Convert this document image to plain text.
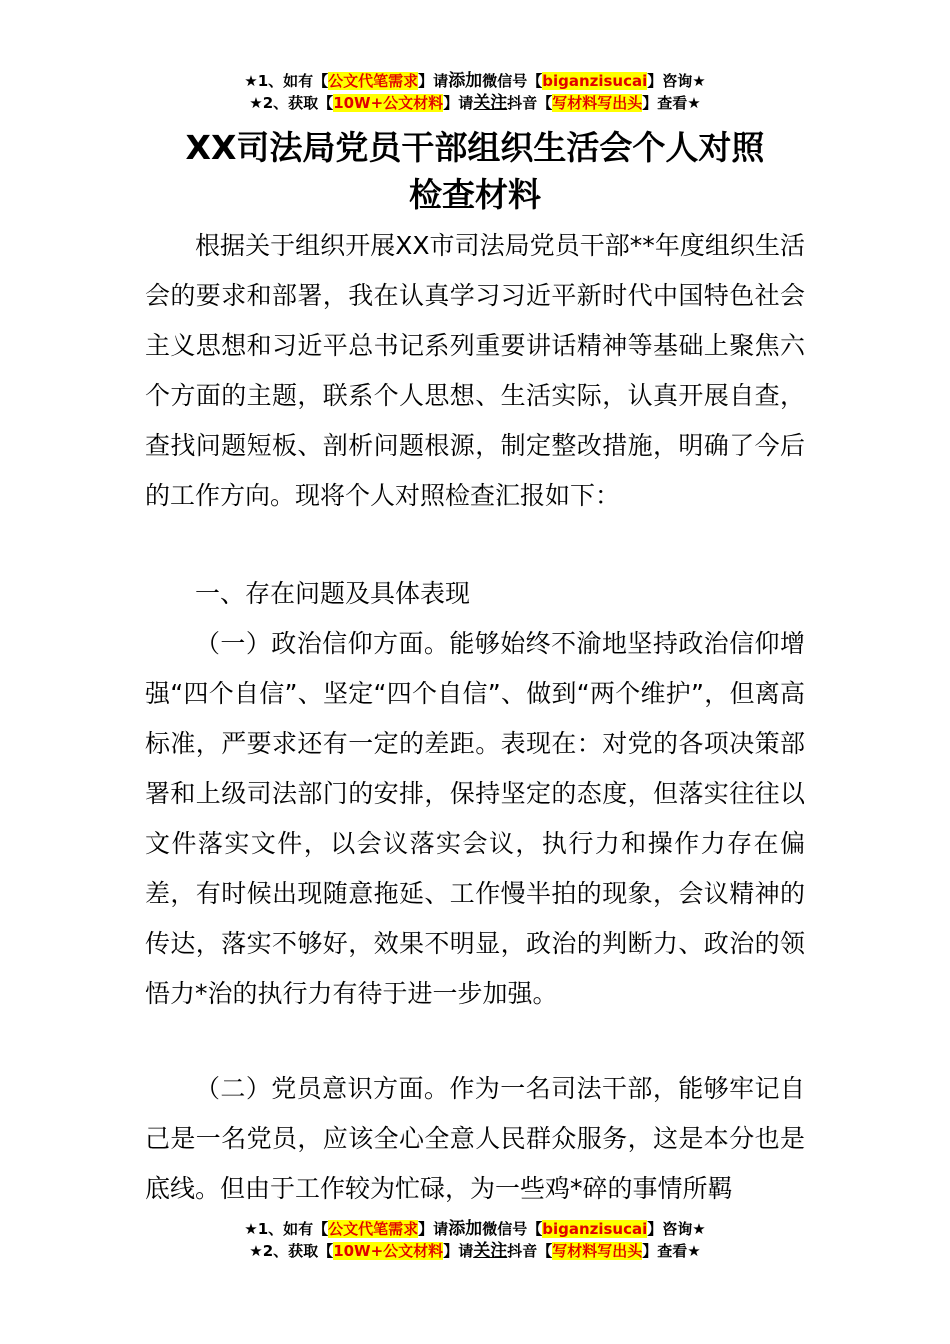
★1、如有【公文代笔需求】请添加微信号【biganzisucai】咨询★
★2、获取【10W+公文材料】请关注抖音【写材料写出头】查看★
XX司法局党员干部组织生活会个人对照
检查材料

根据关于组织开展XX市司法局党员干部**年度组织生活会的要求和部署，我在认真学习习近平新时代中国特色社会主义思想和习近平总书记系列重要讲话精神等基础上聚焦六个方面的主题，联系个人思想、生活实际，认真开展自查，查找问题短板、剖析问题根源，制定整改措施，明确了今后的工作方向。现将个人对照检查汇报如下：

一、存在问题及具体表现

（一）政治信仰方面。能够始终不渝地坚持政治信仰增强“四个自信”、坚定“四个自信”、做到“两个维护”，但离高标准，严要求还有一定的差距。表现在：对党的各项决策部署和上级司法部门的安排，保持坚定的态度，但落实往往以文件落实文件，以会议落实会议，执行力和操作力存在偏差，有时候出现随意拖延、工作慢半拍的现象，会议精神的传达，落实不够好，效果不明显，政治的判断力、政治的领悟力*治的执行力有待于进一步加强。

（二）党员意识方面。作为一名司法干部，能够牢记自己是一名党员，应该全心全意人民群众服务，这是本分也是底线。但由于工作较为忙碌，为一些鸡*碎的事情所羁

★1、如有【公文代笔需求】请添加微信号【biganzisucai】咨询★
★2、获取【10W+公文材料】请关注抖音【写材料写出头】查看★
